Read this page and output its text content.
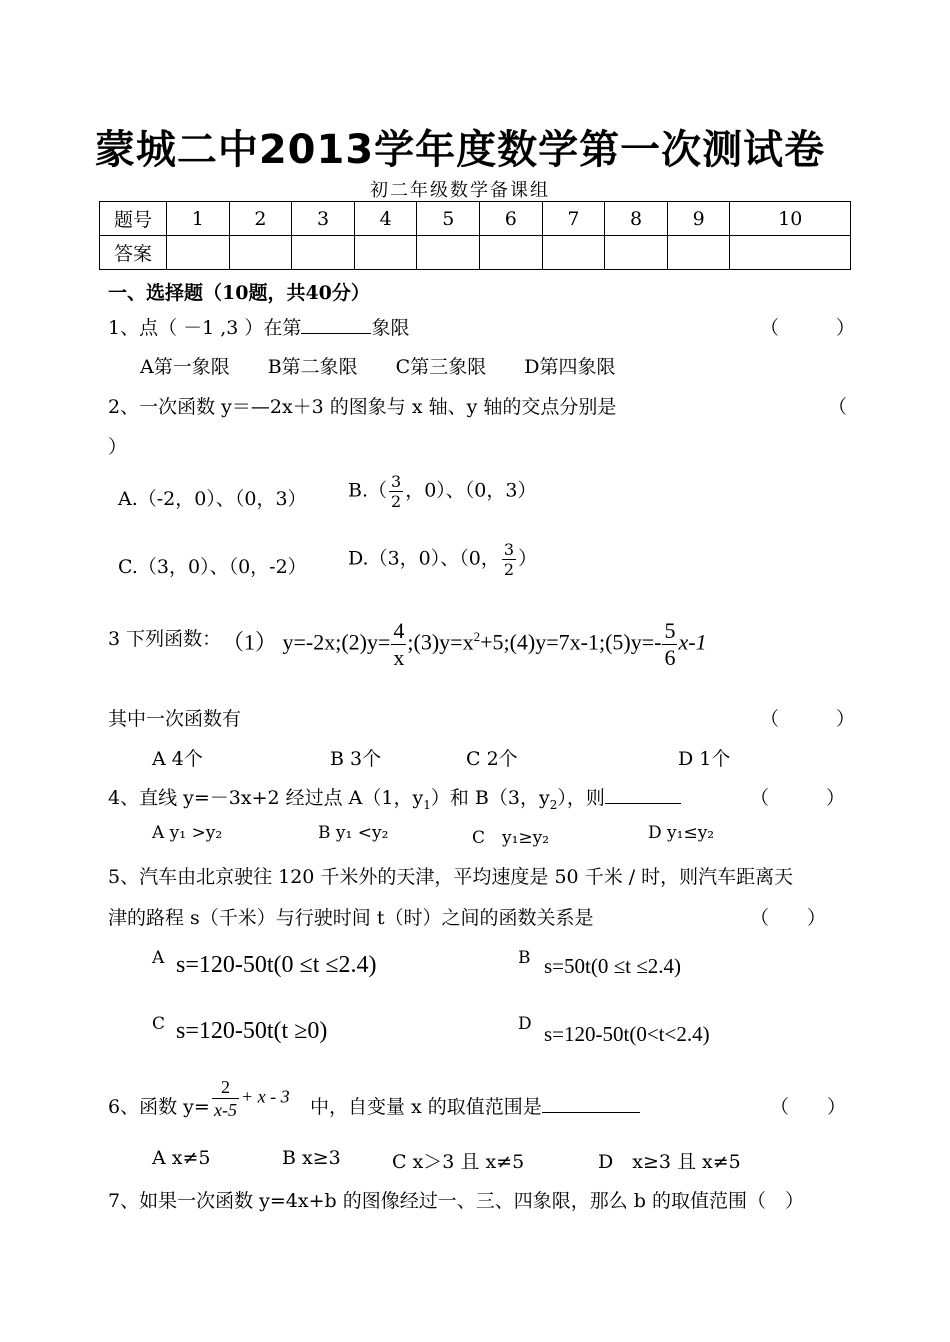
蒙城二中2013学年度数学第一次测试卷
初二年级数学备课组
题号	1	2	3	4	5	6	7	8	9	10
答案										
一、选择题（10题，共40分）
1、点（ －1 ,3 ）在第	象限	（　　　）
A第一象限　　B第二象限　　C第三象限　　D第四象限
2、一次函数 y＝—2x＋3 的图象与 x 轴、y 轴的交点分别是	（
）
A.（-2，0）、（0，3） $B.( \frac{3}{2}$ ，0）、（0，3）
C.（3，0）、（0，-2） D.（3，0）、（0， $\frac{3}{2}$ ）
3 下列函数： （1） y=-2x;(2)y= $\frac{4}{x}$ $;(3)y=x^2+5;(4)y=7x-1;(5)y=- \frac{5}{6} x-1$
其中一次函数有	（　　　）
A 4个	B 3个	C 2个	D 1个
4、直线 y=－3x+2 经过点 A（1，$y_1$）和 B（3，$y_2$），则	（　　　）
A y₁ >y₂	B y₁ <y₂	C　y₁≥y₂	D y₁≤y₂
5、汽车由北京驶往 120 千米外的天津，平均速度是 50 千米 / 时，则汽车距离天
津的路程 s（千米）与行驶时间 t（时）之间的函数关系是	（　　）
A s=120-50t(0 ≤t ≤2.4)	B s=50t(0 ≤t ≤2.4)
C s=120-50t(t ≥0)	D s=120-50t(0<t<2.4)
6、函数 $y= \frac{2}{x-5} + x - 3$ 中，自变量 x 的取值范围是	（　　）
A x≠5	B x≥3	C x＞3 且 x≠5	D　x≥3 且 x≠5
7、如果一次函数 y=4x+b 的图像经过一、三、四象限，那么 b 的取值范围（　）
